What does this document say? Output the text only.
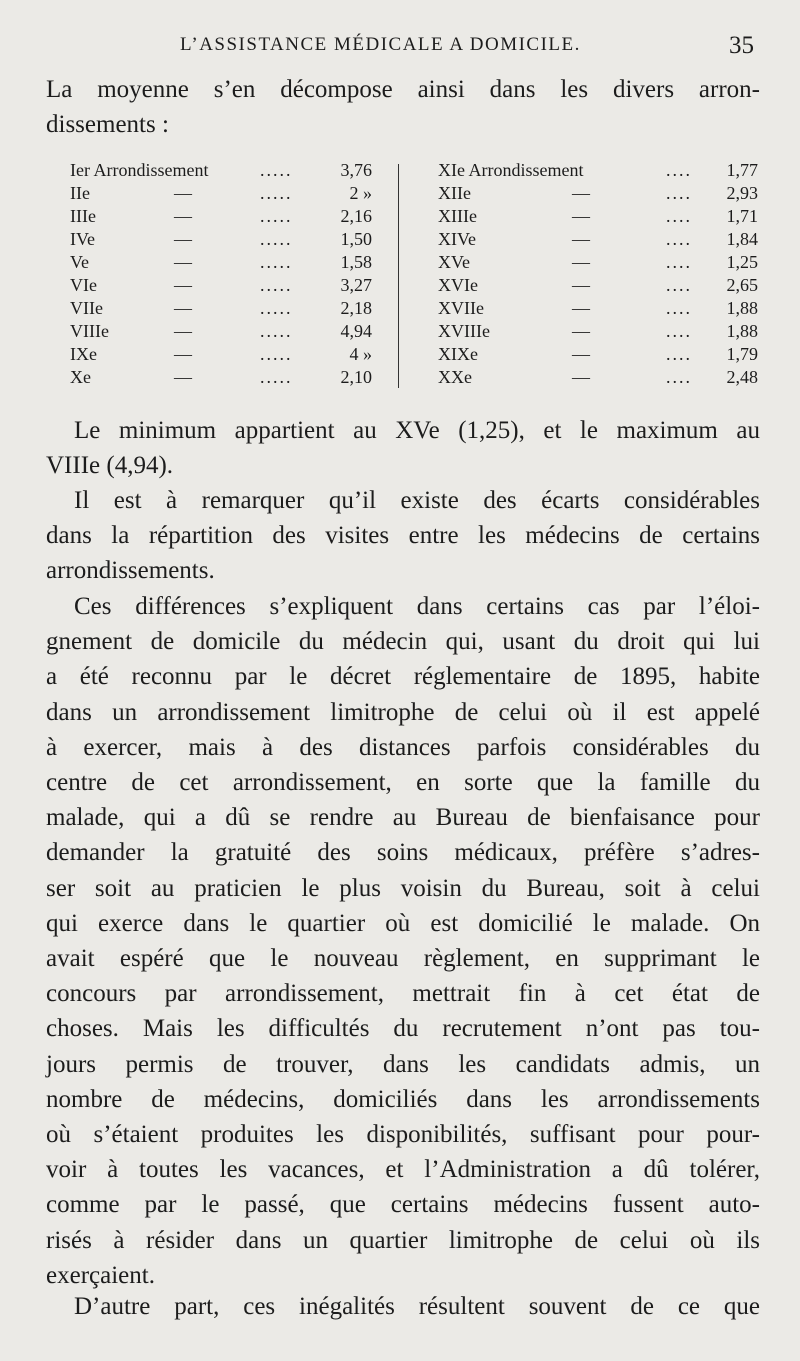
L’ASSISTANCE MÉDICALE A DOMICILE.	35
La moyenne s’en décompose ainsi dans les divers arron-
dissements :
Ier Arrondissement	.....	3,76
IIe	—	.....	2 »
IIIe	—	.....	2,16
IVe	—	.....	1,50
Ve	—	.....	1,58
VIe	—	.....	3,27
VIIe	—	.....	2,18
VIIIe	—	.....	4,94
IXe	—	.....	4 »
Xe	—	.....	2,10
XIe Arrondissement	.... 1,77
XIIe	—	.... 2,93
XIIIe	—	.... 1,71
XIVe	—	.... 1,84
XVe	—	.... 1,25
XVIe	—	.... 2,65
XVIIe	—	.... 1,88
XVIIIe	—	.... 1,88
XIXe	—	.... 1,79
XXe	—	.... 2,48
Le minimum appartient au XVe (1,25), et le maximum au
VIIIe (4,94).
Il est à remarquer qu’il existe des écarts considérables
dans la répartition des visites entre les médecins de certains
arrondissements.
Ces différences s’expliquent dans certains cas par l’éloi-
gnement de domicile du médecin qui, usant du droit qui lui
a été reconnu par le décret réglementaire de 1895, habite
dans un arrondissement limitrophe de celui où il est appelé
à exercer, mais à des distances parfois considérables du
centre de cet arrondissement, en sorte que la famille du
malade, qui a dû se rendre au Bureau de bienfaisance pour
demander la gratuité des soins médicaux, préfère s’adres-
ser soit au praticien le plus voisin du Bureau, soit à celui
qui exerce dans le quartier où est domicilié le malade. On
avait espéré que le nouveau règlement, en supprimant le
concours par arrondissement, mettrait fin à cet état de
choses. Mais les difficultés du recrutement n’ont pas tou-
jours permis de trouver, dans les candidats admis, un
nombre de médecins, domiciliés dans les arrondissements
où s’étaient produites les disponibilités, suffisant pour pour-
voir à toutes les vacances, et l’Administration a dû tolérer,
comme par le passé, que certains médecins fussent auto-
risés à résider dans un quartier limitrophe de celui où ils
exerçaient.
D’autre part, ces inégalités résultent souvent de ce que
